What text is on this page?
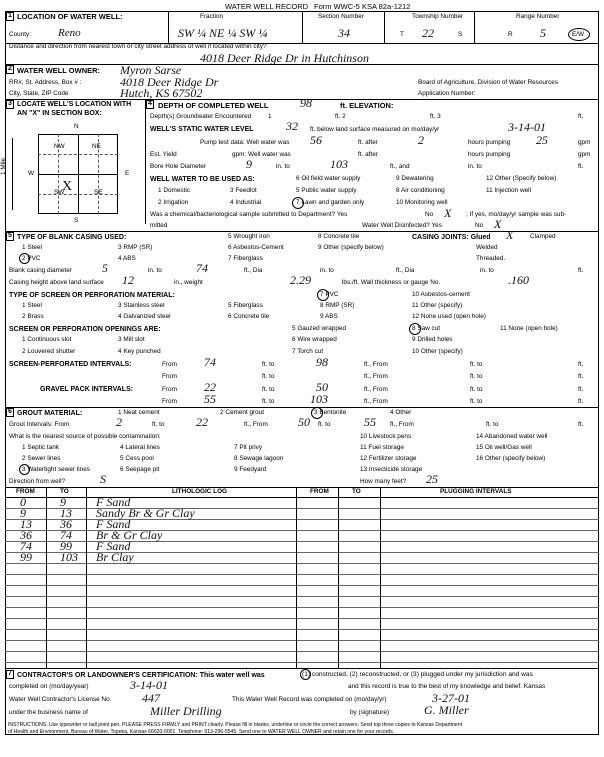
WATER WELL RECORD Form WWC-5 KSA 82a-1212
1 LOCATION OF WATER WELL:
County: Reno
Fraction
SW ¼ NE ¼ SW ¼
Section Number
34
Township Number
T 22	S
Range Number
R 5	E/W
Distance and direction from nearest town or city street address of well if located within city?
4018 Deer Ridge Dr in Hutchinson
2 WATER WELL OWNER: Myron Sarse
RR#, St. Address, Box # :	4018 Deer Ridge Dr
City, State, ZIP Code	Hutch, KS 67502
Board of Agriculture, Division of Water Resources
Application Number:
3 LOCATE WELL'S LOCATION WITH
AN "X" IN SECTION BOX:
N
S
W	E
1 Mile
NW	NE
SW	SE
X
4 DEPTH OF COMPLETED WELL	98	ft. ELEVATION:
Depth(s) Groundwater Encountered	1	ft. 2	ft. 3	ft.
WELL'S STATIC WATER LEVEL	32 ft. below land surface measured on mo/day/yr	3-14-01
Pump test data: Well water was 56	ft. after	2	hours pumping 25	gpm
Est. Yield	gpm: Well water was	ft. after	hours pumping	gpm
Bore Hole Diameter	9	in. to	103	ft., and	in. to	ft.
WELL WATER TO BE USED AS:
1 Domestic	3 Feedlot	5 Public water supply	8 Air conditioning	11 Injection well
2 Irrigation	4 Industrial
6 Oil field water supply	9 Dewatering	12 Other (Specify below)
7 Lawn and garden only	10 Monitoring well
Was a chemical/bacteriological sample submitted to Department? Yes	No X ; If yes, mo/day/yr sample was sub-
mitted	Water Well Disinfected? Yes	No X
5 TYPE OF BLANK CASING USED:
1 Steel
2 PVC
3 RMP (SR)
4 ABS
5 Wrought iron
6 Asbestos-Cement
7 Fiberglass
8 Concrete tile
9 Other (specify below)
CASING JOINTS: Glued X	Clamped
Welded
Threaded.
Blank casing diameter	5	in. to	74	ft., Dia	in. to	ft., Dia	in. to	ft.
Casing height above land surface 12	in., weight	2.29	lbs./ft. Wall thickness or gauge No.	.160
TYPE OF SCREEN OR PERFORATION MATERIAL:
1 Steel
2 Brass
3 Stainless steel
4 Galvanized steel
5 Fiberglass
6 Concrete tile
7 PVC
8 RMP (SR)
9 ABS
10 Asbestos-cement
11 Other (specify)
12 None used (open hole)
SCREEN OR PERFORATION OPENINGS ARE:
1 Continuous slot
2 Louvered shutter
3 Mill slot
4 Key punched
5 Gauzed wrapped
6 Wire wrapped
7 Torch cut
8 Saw cut
9 Drilled holes
10 Other (specify)
11 None (open hole)
SCREEN-PERFORATED INTERVALS:	From 74	ft. to	98	ft., From	ft. to	ft.
From	ft. to	ft., From	ft. to	ft.
GRAVEL PACK INTERVALS:	From 22	ft. to	50	ft., From	ft. to	ft.
From 55	ft. to	103	ft., From	ft. to	ft.
6 GROUT MATERIAL:	1 Neat cement	2 Cement grout	3 Bentonite	4 Other
Grout Intervals: From	2	ft. to	22	ft., From	50 ft. to	55 ft., From	ft. to	ft.
What is the nearest source of possible contamination:
1 Septic tank	4 Lateral lines	7 Pit privy
10 Livestock pens	14 Abandoned water well
2 Sewer lines	5 Cess pool	8 Sewage lagoon
11 Fuel storage	15 Oil well/Gas well
3 Watertight sewer lines	6 Seepage pit	9 Feedyard
12 Fertilizer storage	16 Other (specify below)
13 Insecticide storage
Direction from well?	S	How many feet? 25
FROM	TO	LITHOLOGIC LOG	FROM	TO	PLUGGING INTERVALS
0	9	F Sand
9	13 Sandy Br & Gr Clay
13 36 F Sand
36 74 Br & Gr Clay
74 99 F Sand
99 103 Br Clay
7 CONTRACTOR'S OR LANDOWNER'S CERTIFICATION: This water well was	(1) constructed, (2) reconstructed, or (3) plugged under my jurisdiction and was
completed on (mo/day/year)	3-14-01	and this record is true to the best of my knowledge and belief. Kansas
Water Well Contractor's License No.	447	This Water Well Record was completed on (mo/day/yr)	3-27-01
under the business name of	Miller Drilling	by (signature)	G. Miller
INSTRUCTIONS: Use typewriter or ball point pen. PLEASE PRESS FIRMLY and PRINT clearly. Please fill in blanks, underline or circle the correct answers. Send top three copies to Kansas Department
of Health and Environment, Bureau of Water, Topeka, Kansas 66620-0001. Telephone: 913-296-5545. Send one to WATER WELL OWNER and retain one for your records.
